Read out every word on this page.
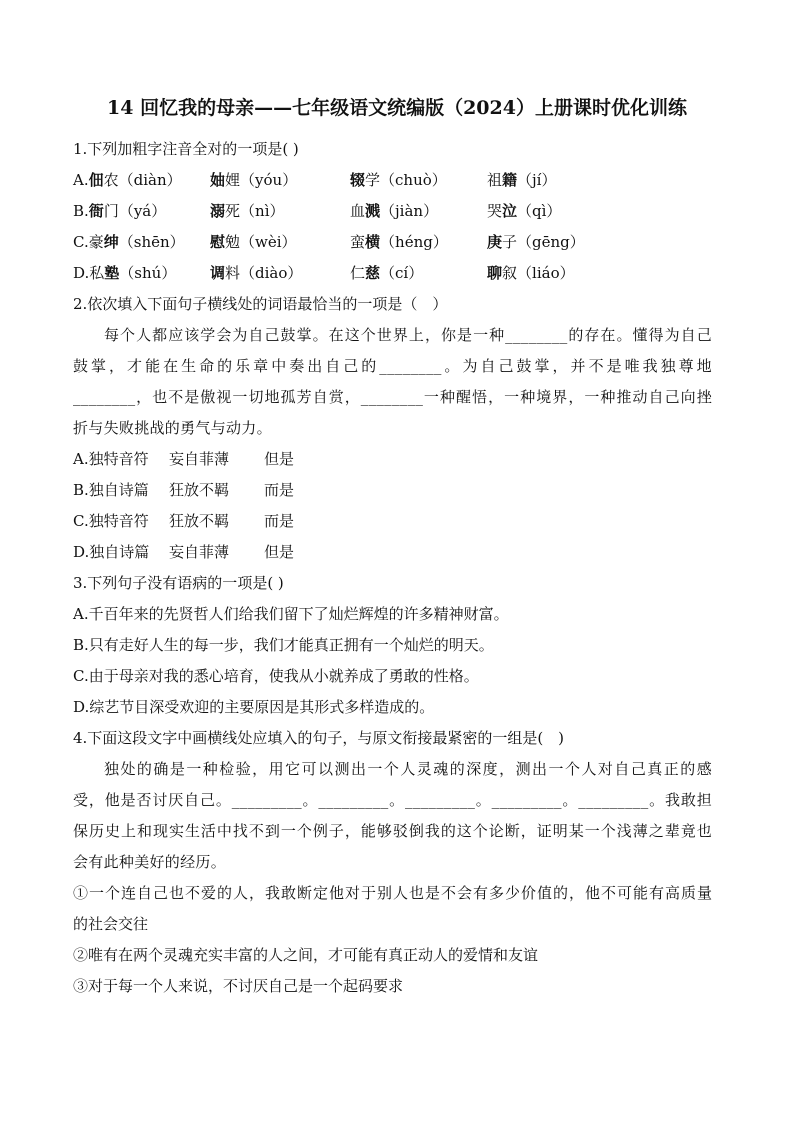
14 回忆我的母亲——七年级语文统编版（2024）上册课时优化训练
1.下列加粗字注音全对的一项是( )
A. 佃 农 （diàn） 妯 娌 （yóu）	辍 学 （chuò）	祖 籍 （jí）
B. 衙 门 （yá）	溺 死 （nì）	血 溅 （jiàn）	哭 泣 （qì）
C. 豪 绅 （shēn） 慰 勉 （wèi）	蛮 横 （héng）	庚 子 （gēng）
D. 私 塾 （shú） 调 料 （diào）	仁 慈 （cí）	聊 叙 （liáo）
2.依次填入下面句子横线处的词语最恰当的一项是（　）
每个人都应该学会为自己鼓掌。在这个世界上，你是一种________的存在。懂得为自己
鼓掌，才能在生命的乐章中奏出自己的________。为自己鼓掌，并不是唯我独尊地
________，也不是傲视一切地孤芳自赏，________一种醒悟，一种境界，一种推动自己向挫
折与失败挑战的勇气与动力。
A. 独特音符 妄自菲薄	但是
B. 独自诗篇 狂放不羁	而是
C. 独特音符 狂放不羁	而是
D. 独自诗篇 妄自菲薄	但是
3.下列句子没有语病的一项是( )
A. 千百年来的先贤哲人们给我们留下了灿烂辉煌的许多精神财富。
B. 只有走好人生的每一步，我们才能真正拥有一个灿烂的明天。
C. 由于母亲对我的悉心培育，使我从小就养成了勇敢的性格。
D. 综艺节目深受欢迎的主要原因是其形式多样造成的。
4.下面这段文字中画横线处应填入的句子，与原文衔接最紧密的一组是(　)
独处的确是一种检验，用它可以测出一个人灵魂的深度，测出一个人对自己真正的感
受，他是否讨厌自己。_________。_________。_________。_________。_________。我敢担
保历史上和现实生活中找不到一个例子，能够驳倒我的这个论断，证明某一个浅薄之辈竟也
会有此种美好的经历。
①一个连自己也不爱的人，我敢断定他对于别人也是不会有多少价值的，他不可能有高质量
的社会交往
②唯有在两个灵魂充实丰富的人之间，才可能有真正动人的爱情和友谊
③对于每一个人来说，不讨厌自己是一个起码要求
